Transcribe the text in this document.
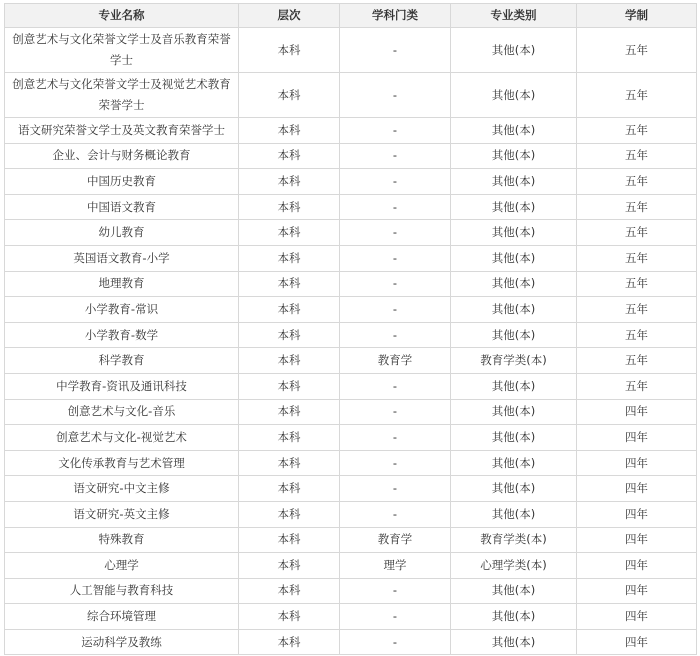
专业名称	层次	学科门类	专业类别	学制
创意艺术与文化荣誉文学士及音乐教育荣誉学士	本科	-	其他(本)	五年
创意艺术与文化荣誉文学士及视觉艺术教育荣誉学士	本科	-	其他(本)	五年
语文研究荣誉文学士及英文教育荣誉学士	本科	-	其他(本)	五年
企业、会计与财务概论教育	本科	-	其他(本)	五年
中国历史教育	本科	-	其他(本)	五年
中国语文教育	本科	-	其他(本)	五年
幼儿教育	本科	-	其他(本)	五年
英国语文教育-小学	本科	-	其他(本)	五年
地理教育	本科	-	其他(本)	五年
小学教育-常识	本科	-	其他(本)	五年
小学教育-数学	本科	-	其他(本)	五年
科学教育	本科	教育学	教育学类(本)	五年
中学教育-资讯及通讯科技	本科	-	其他(本)	五年
创意艺术与文化-音乐	本科	-	其他(本)	四年
创意艺术与文化-视觉艺术	本科	-	其他(本)	四年
文化传承教育与艺术管理	本科	-	其他(本)	四年
语文研究-中文主修	本科	-	其他(本)	四年
语文研究-英文主修	本科	-	其他(本)	四年
特殊教育	本科	教育学	教育学类(本)	四年
心理学	本科	理学	心理学类(本)	四年
人工智能与教育科技	本科	-	其他(本)	四年
综合环境管理	本科	-	其他(本)	四年
运动科学及教练	本科	-	其他(本)	四年
